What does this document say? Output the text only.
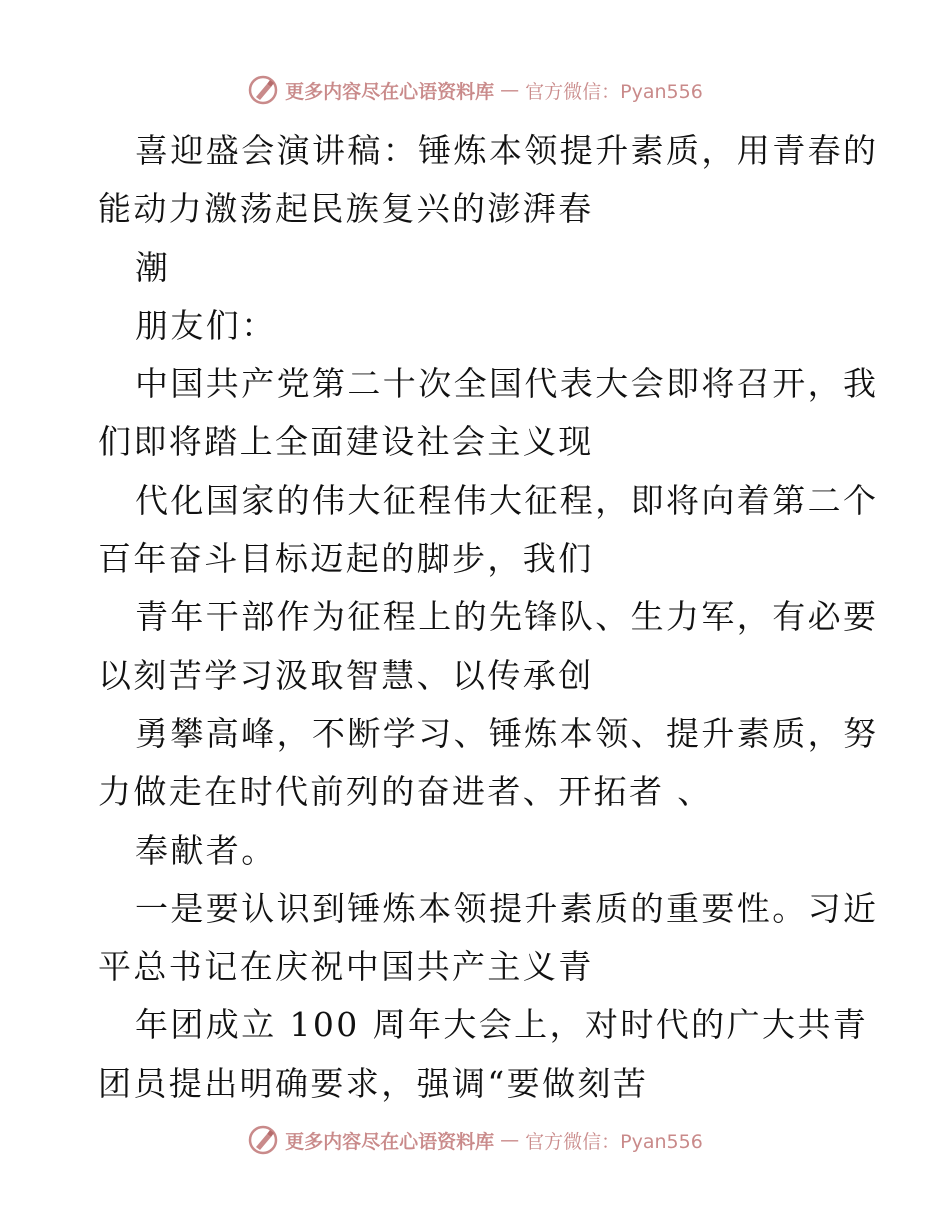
更多内容尽在心语资料库 — 官方微信：Pyan556
喜迎盛会演讲稿：锤炼本领提升素质，用青春的
能动力激荡起民族复兴的澎湃春
潮
朋友们：
中国共产党第二十次全国代表大会即将召开，我
们即将踏上全面建设社会主义现
代化国家的伟大征程伟大征程，即将向着第二个
百年奋斗目标迈起的脚步，我们
青年干部作为征程上的先锋队、生力军，有必要
以刻苦学习汲取智慧、以传承创
勇攀高峰，不断学习、锤炼本领、提升素质，努
力做走在时代前列的奋进者、开拓者 、
奉献者。
一是要认识到锤炼本领提升素质的重要性。习近
平总书记在庆祝中国共产主义青
年团成立 100 周年大会上，对时代的广大共青
团员提出明确要求，强调“要做刻苦
更多内容尽在心语资料库 — 官方微信：Pyan556
